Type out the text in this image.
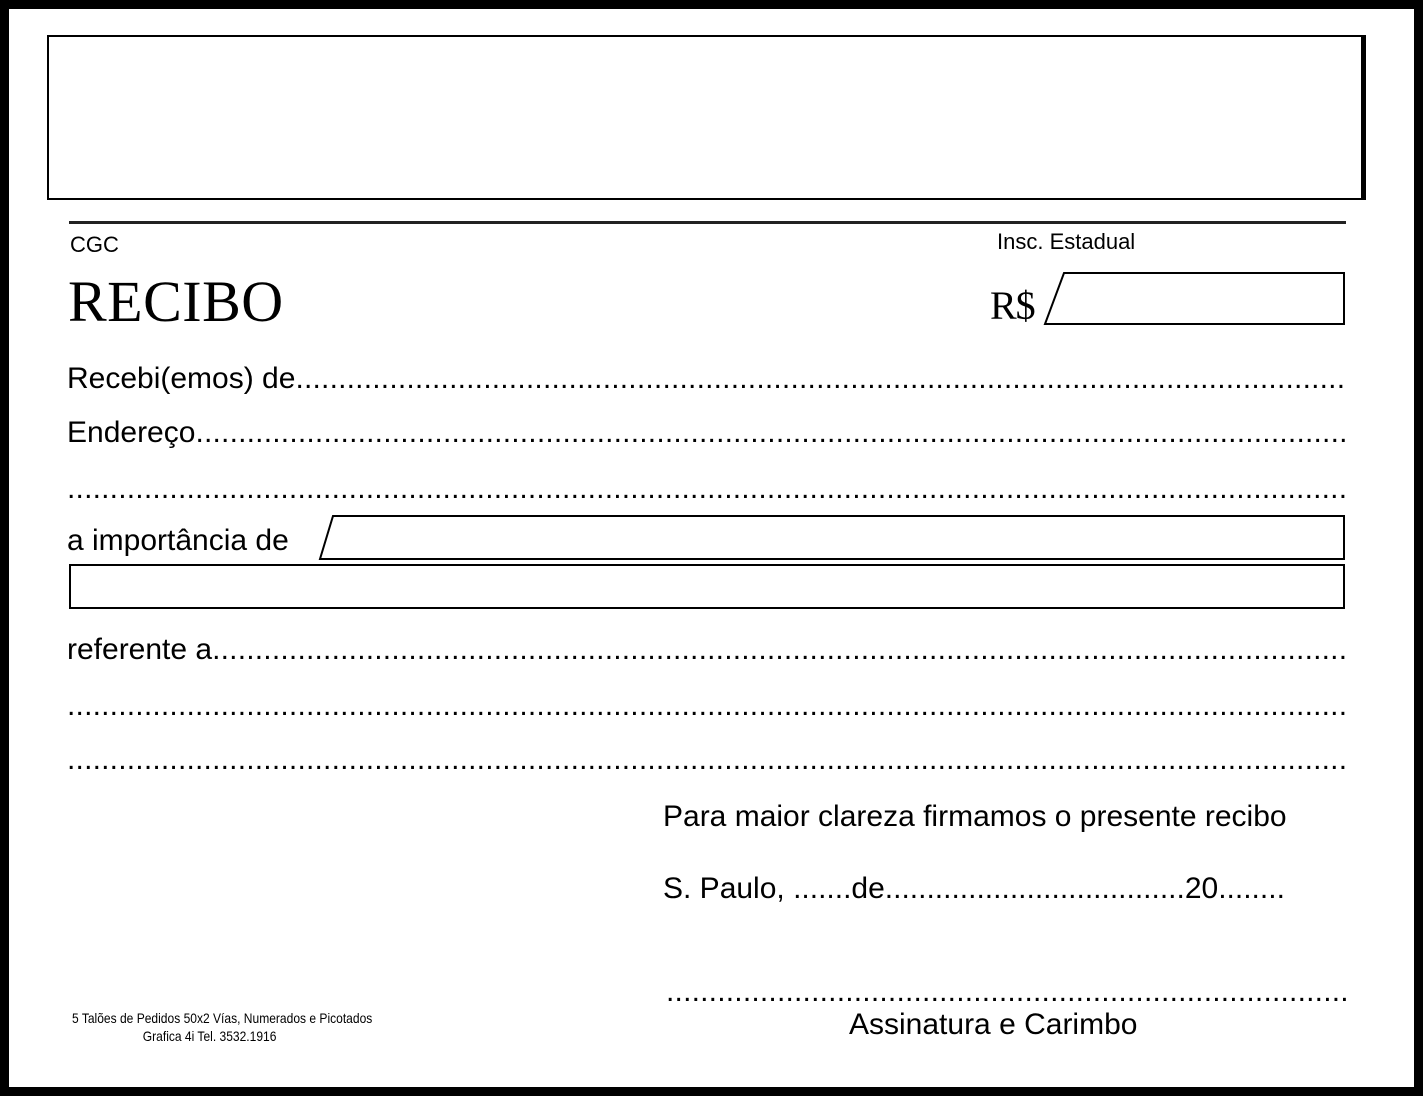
CGC	Insc. Estadual
RECIBO	R$
Recebi(emos) de
.....
Endereço
.....
.....
a importância de
referente a
.....
.....
.....
Para maior clareza firmamos o presente recibo
S. Paulo, .......de....................................20........
.....
Assinatura e Carimbo
5 Talões de Pedidos 50x2 Vías, Numerados e Picotados
Grafica 4i Tel. 3532.1916
